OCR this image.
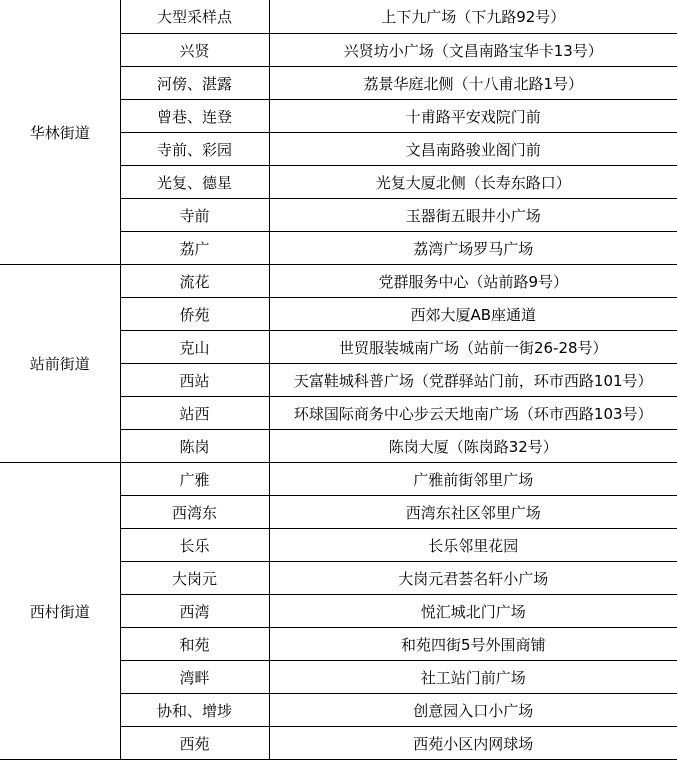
华林街道	大型采样点	上下九广场（下九路92号）
	兴贤	兴贤坊小广场（文昌南路宝华卡13号）
	河傍、湛露	荔景华庭北侧（十八甫北路1号）
	曾巷、连登	十甫路平安戏院门前
	寺前、彩园	文昌南路骏业阁门前
	光复、德星	光复大厦北侧（长寿东路口）
	寺前	玉器街五眼井小广场
	荔广	荔湾广场罗马广场
站前街道	流花	党群服务中心（站前路9号）
	侨苑	西郊大厦AB座通道
	克山	世贸服装城南广场（站前一街26-28号）
	西站	天富鞋城科普广场（党群驿站门前，环市西路101号）
	站西	环球国际商务中心步云天地南广场（环市西路103号）
	陈岗	陈岗大厦（陈岗路32号）
西村街道	广雅	广雅前街邻里广场
	西湾东	西湾东社区邻里广场
	长乐	长乐邻里花园
	大岗元	大岗元君荟名轩小广场
	西湾	悦汇城北门广场
	和苑	和苑四街5号外围商铺
	湾畔	社工站门前广场
	协和、增埗	创意园入口小广场
	西苑	西苑小区内网球场
